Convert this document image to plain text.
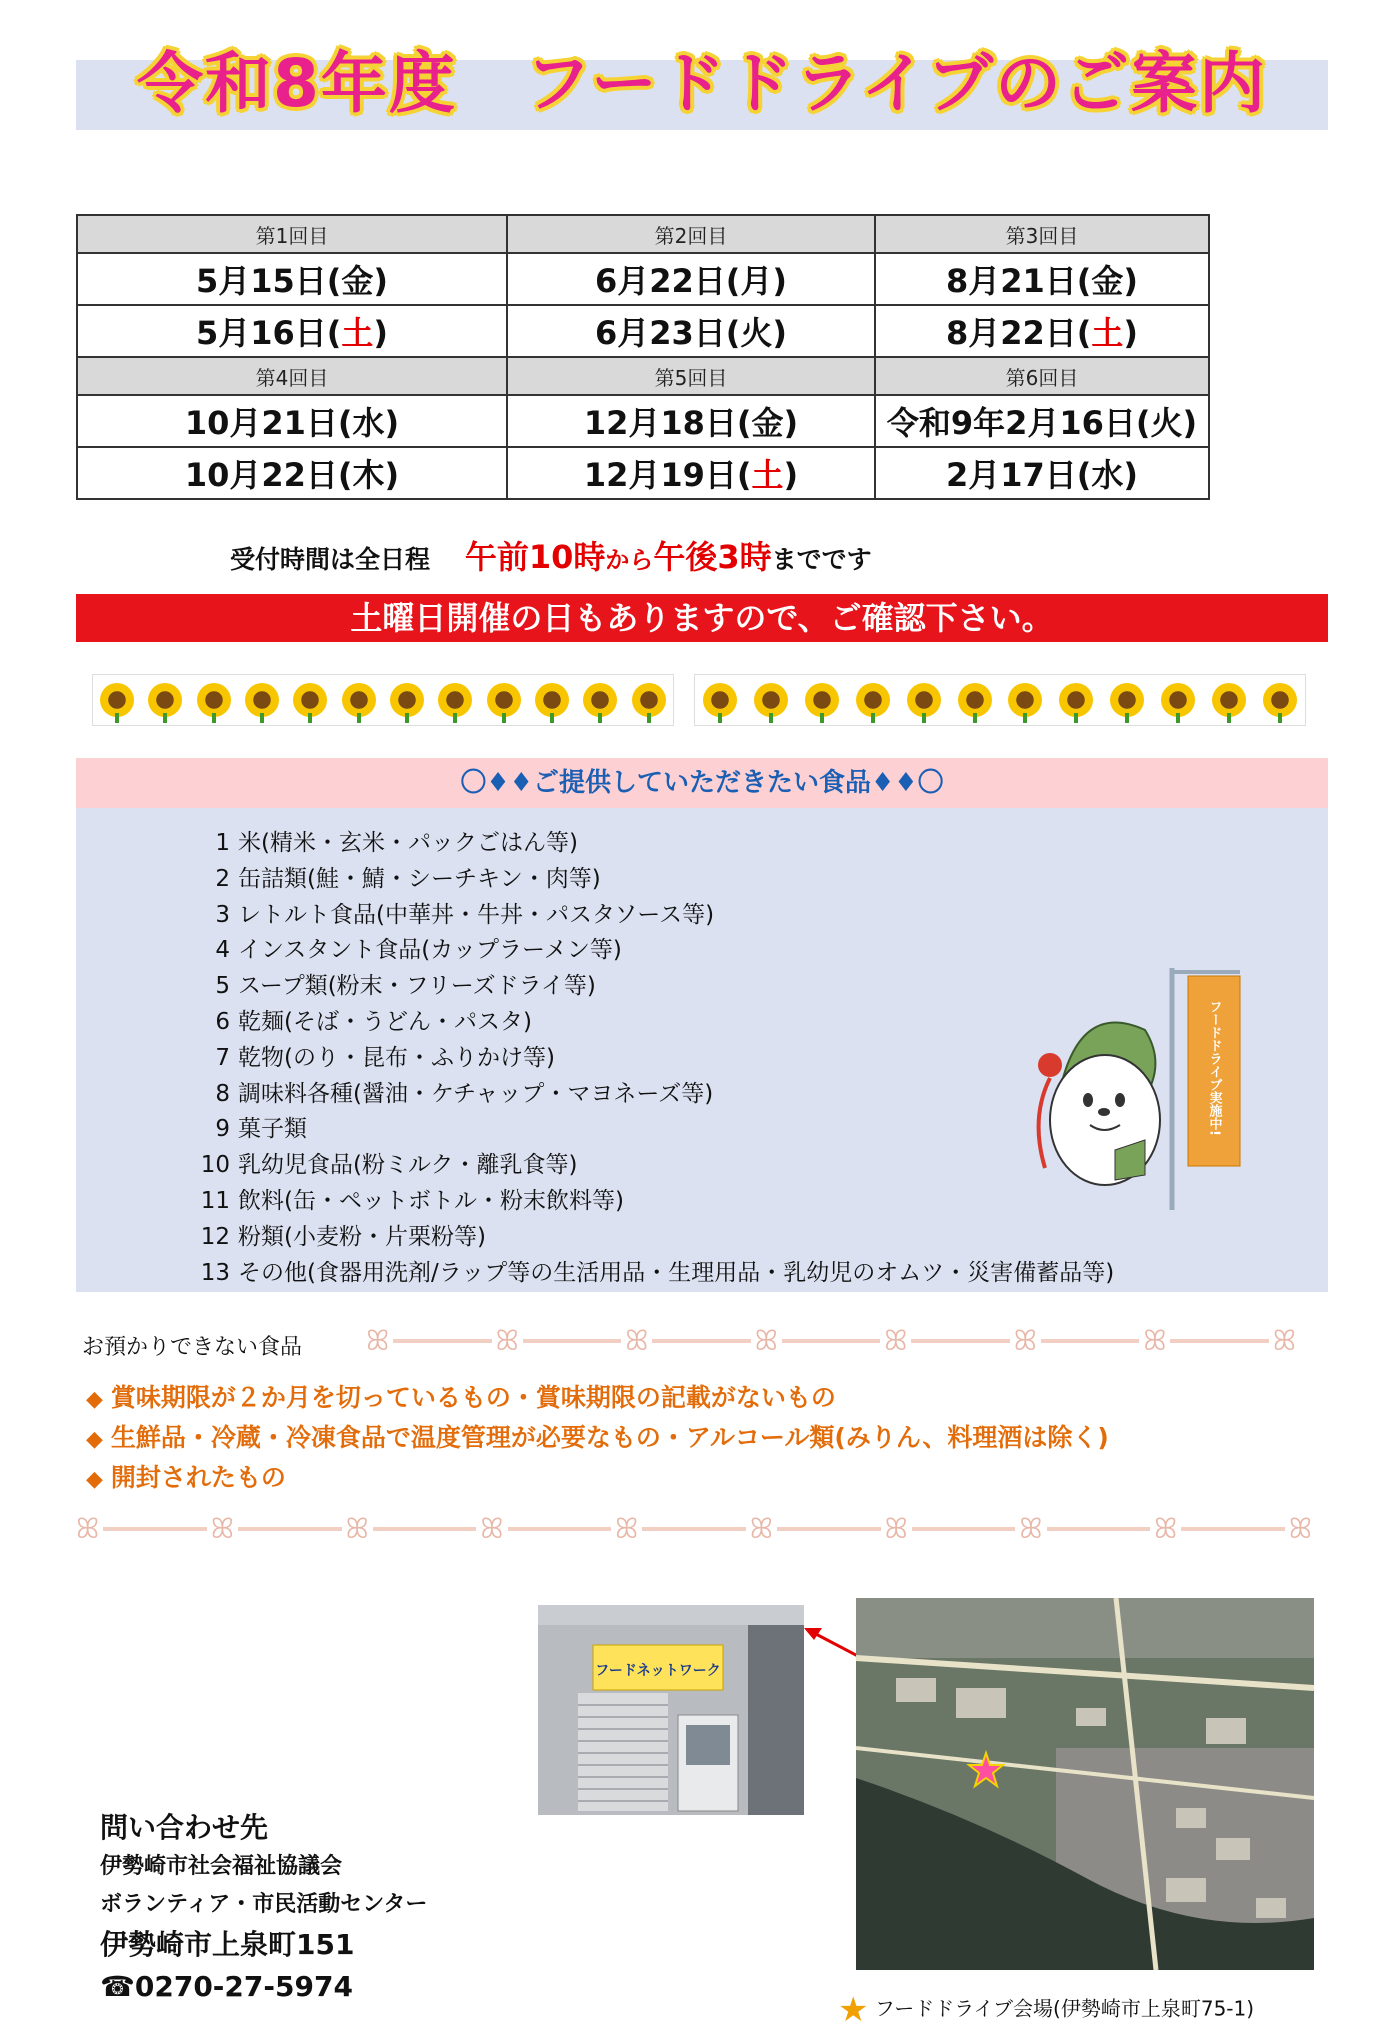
令和8年度　フードドライブのご案内
第1回目	第2回目	第3回目
5月15日(金)	6月22日(月)	8月21日(金)
5月16日(土)	6月23日(火)	8月22日(土)
第4回目	第5回目	第6回目
10月21日(水)	12月18日(金)	令和9年2月16日(火)
10月22日(木)	12月19日(土)	2月17日(水)
受付時間は全日程 午前10時から午後3時までです
土曜日開催の日もありますので、ご確認下さい。
〇♦♦ご提供していただきたい食品♦♦〇
1 米(精米・玄米・パックごはん等)
2 缶詰類(鮭・鯖・シーチキン・肉等)
3 レトルト食品(中華丼・牛丼・パスタソース等)
4 インスタント食品(カップラーメン等)
5 スープ類(粉末・フリーズドライ等)
6 乾麺(そば・うどん・パスタ)
7 乾物(のり・昆布・ふりかけ等)
8 調味料各種(醤油・ケチャップ・マヨネーズ等)
9 菓子類
10 乳幼児食品(粉ミルク・離乳食等)
11 飲料(缶・ペットボトル・粉末飲料等)
12 粉類(小麦粉・片栗粉等)
13 その他(食器用洗剤/ラップ等の生活用品・生理用品・乳幼児のオムツ・災害備蓄品等)
フードドライブ実施中!
お預かりできない食品 ꕤ	ꕤ	ꕤ	ꕤ	ꕤ	ꕤ	ꕤ	ꕤ
◆ 賞味期限が２か月を切っているもの・賞味期限の記載がないもの
◆ 生鮮品・冷蔵・冷凍食品で温度管理が必要なもの・アルコール類(みりん、料理酒は除く)
◆ 開封されたもの
ꕤ	ꕤ	ꕤ	ꕤ	ꕤ	ꕤ	ꕤ	ꕤ	ꕤ	ꕤ
フードネットワーク
問い合わせ先
伊勢崎市社会福祉協議会
ボランティア・市民活動センター
伊勢崎市上泉町151
☎0270-27-5974
★ フードドライブ会場(伊勢崎市上泉町75-1)
